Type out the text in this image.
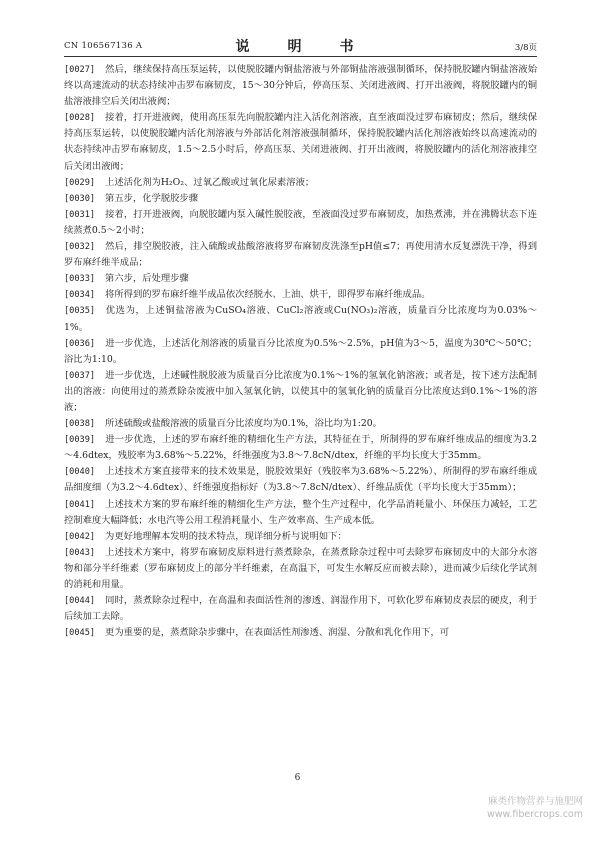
CN 106567136 A	说　明　书	3/8页

[0027] 然后，继续保持高压泵运转，以使脱胶罐内铜盐溶液与外部铜盐溶液强制循环，保持脱胶罐内铜盐溶液始终以高速流动的状态持续冲击罗布麻韧皮，15～30分钟后，停高压泵、关闭进液阀、打开出液阀，将脱胶罐内的铜盐溶液排空后关闭出液阀；

[0028] 接着，打开进液阀，使用高压泵先向脱胶罐内注入活化剂溶液，直至液面没过罗布麻韧皮；然后，继续保持高压泵运转，以使脱胶罐内活化剂溶液与外部活化剂溶液强制循环，保持脱胶罐内活化剂溶液始终以高速流动的状态持续冲击罗布麻韧皮，1.5～2.5小时后，停高压泵、关闭进液阀、打开出液阀，将脱胶罐内的活化剂溶液排空后关闭出液阀；

[0029] 上述活化剂为H₂O₂、过氧乙酸或过氧化尿素溶液；

[0030] 第五步，化学脱胶步骤

[0031] 接着，打开进液阀，向脱胶罐内泵入碱性脱胶液，至液面没过罗布麻韧皮，加热煮沸，并在沸腾状态下连续蒸煮0.5～2小时；

[0032] 然后，排空脱胶液，注入硫酸或盐酸溶液将罗布麻韧皮洗涤至pH值≤7；再使用清水反复漂洗干净，得到罗布麻纤维半成品；

[0033] 第六步，后处理步骤

[0034] 将所得到的罗布麻纤维半成品依次经脱水、上油、烘干，即得罗布麻纤维成品。

[0035] 优选为，上述铜盐溶液为CuSO₄溶液、CuCl₂溶液或Cu(NO₃)₂溶液，质量百分比浓度均为0.03%～1%。

[0036] 进一步优选，上述活化剂溶液的质量百分比浓度为0.5%～2.5%，pH值为3～5，温度为30℃～50℃；浴比为1:10。

[0037] 进一步优选，上述碱性脱胶液为质量百分比浓度为0.1%～1%的氢氧化钠溶液；或者是，按下述方法配制出的溶液：向使用过的蒸煮除杂废液中加入氢氧化钠，以使其中的氢氧化钠的质量百分比浓度达到0.1%～1%的溶液；

[0038] 所述硫酸或盐酸溶液的质量百分比浓度均为0.1%，浴比均为1:20。

[0039] 进一步优选，上述的罗布麻纤维的精细化生产方法，其特征在于，所制得的罗布麻纤维成品的细度为3.2～4.6dtex，残胶率为3.68%～5.22%，纤维强度为3.8～7.8cN/dtex，纤维的平均长度大于35mm。

[0040] 上述技术方案直接带来的技术效果是，脱胶效果好（残胶率为3.68%～5.22%）、所制得的罗布麻纤维成品细度细（为3.2～4.6dtex）、纤维强度指标好（为3.8～7.8cN/dtex）、纤维品质优（平均长度大于35mm）；

[0041] 上述技术方案的罗布麻纤维的精细化生产方法，整个生产过程中，化学品消耗量小、环保压力减轻，工艺控制难度大幅降低；水电汽等公用工程消耗量小、生产效率高、生产成本低。

[0042] 为更好地理解本发明的技术特点，现详细分析与说明如下：

[0043] 上述技术方案中，将罗布麻韧皮原料进行蒸煮除杂，在蒸煮除杂过程中可去除罗布麻韧皮中的大部分水溶物和部分半纤维素（罗布麻韧皮上的部分半纤维素，在高温下，可发生水解反应而被去除），进而减少后续化学试剂的消耗和用量。

[0044] 同时，蒸煮除杂过程中，在高温和表面活性剂的渗透、润湿作用下，可软化罗布麻韧皮表层的硬皮，利于后续加工去除。

[0045] 更为重要的是，蒸煮除杂步骤中，在表面活性剂渗透、润湿、分散和乳化作用下，可

6
麻类作物营养与施肥网
www.fibercrops.com
